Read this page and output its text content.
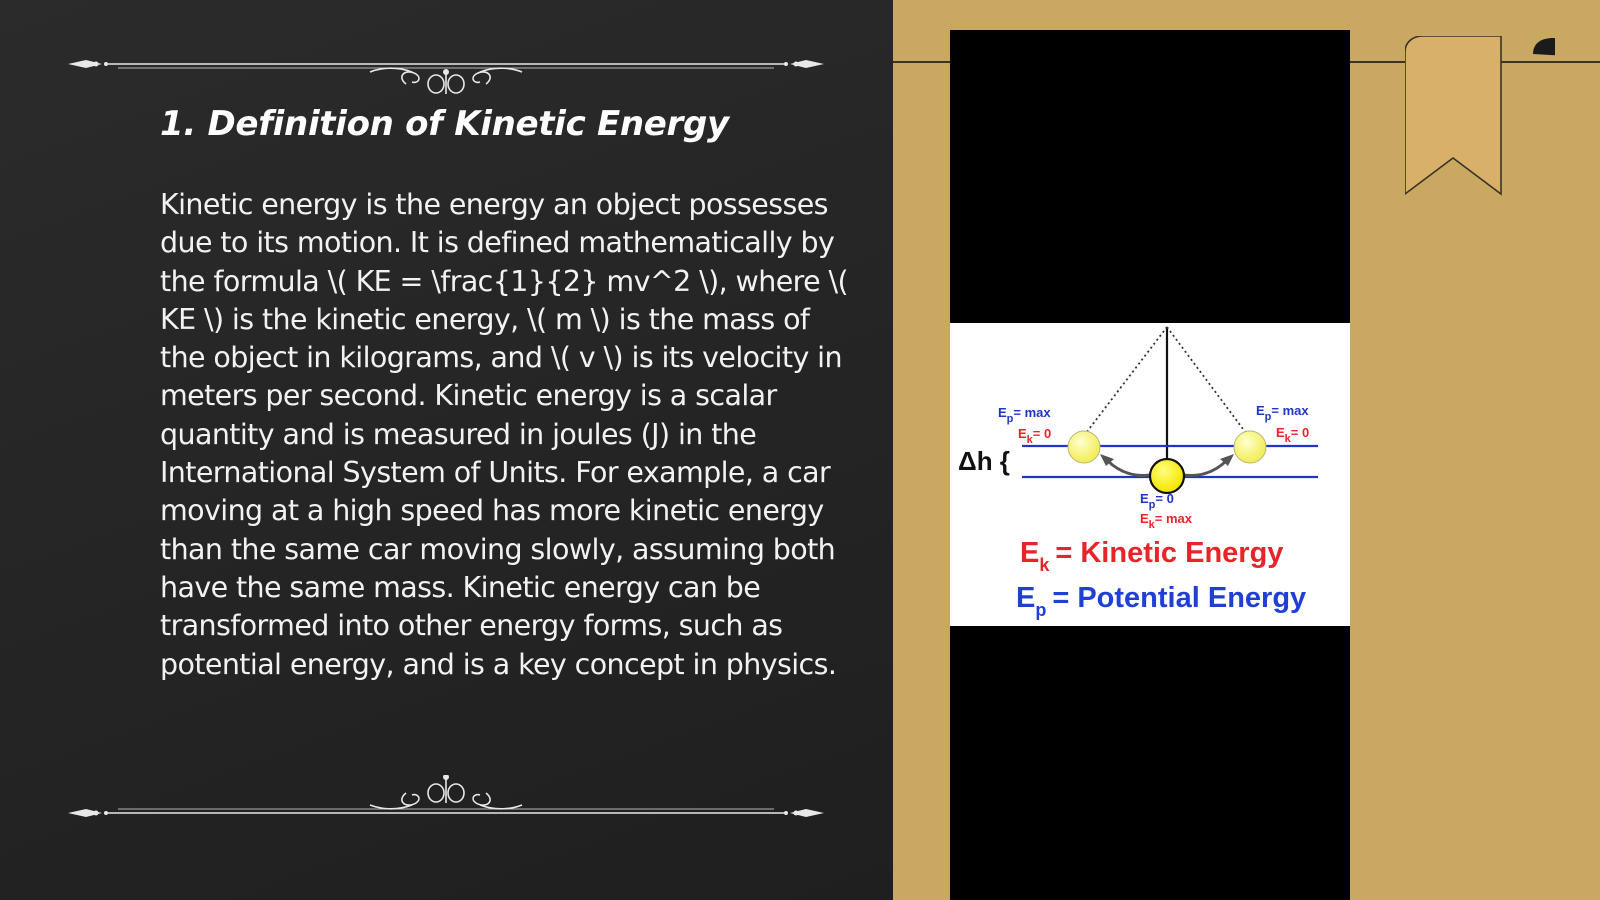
1. Definition of Kinetic Energy

Kinetic energy is the energy an object possesses due to its motion. It is defined mathematically by the formula \( KE = \frac{1}{2} mv^2 \), where \( KE \) is the kinetic energy, \( m \) is the mass of the object in kilograms, and \( v \) is its velocity in meters per second. Kinetic energy is a scalar quantity and is measured in joules (J) in the International System of Units. For example, a car moving at a high speed has more kinetic energy than the same car moving slowly, assuming both have the same mass. Kinetic energy can be transformed into other energy forms, such as potential energy, and is a key concept in physics.

Δh {
$E_p= \max$
$E_k= 0$
$E_p= \max$
$E_k= 0$
$E_p= 0$
$E_k= \max$
$E_k$ = Kinetic Energy
$E_p$ = Potential Energy
